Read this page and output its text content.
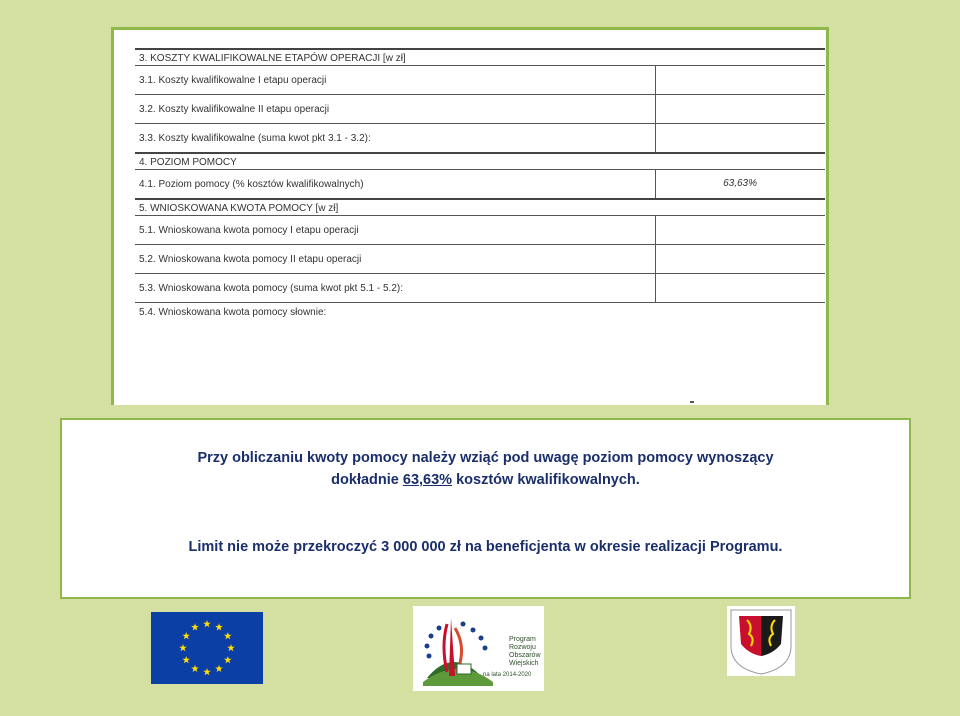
3. KOSZTY KWALIFIKOWALNE ETAPÓW OPERACJI [w zł]
3.1. Koszty kwalifikowalne I etapu operacji
3.2. Koszty kwalifikowalne II etapu operacji
3.3. Koszty kwalifikowalne (suma kwot pkt 3.1 - 3.2):
4. POZIOM POMOCY
4.1. Poziom pomocy (% kosztów kwalifikowalnych)	63,63%
5. WNIOSKOWANA KWOTA POMOCY [w zł]
5.1. Wnioskowana kwota pomocy I etapu operacji
5.2. Wnioskowana kwota pomocy II etapu operacji
5.3. Wnioskowana kwota pomocy (suma kwot pkt 5.1 - 5.2):
5.4. Wnioskowana kwota pomocy słownie:
Przy obliczaniu kwoty pomocy należy wziąć pod uwagę poziom pomocy wynoszący
dokładnie 63,63% kosztów kwalifikowalnych.
Limit nie może przekroczyć 3 000 000 zł na beneficjenta w okresie realizacji Programu.
Program
Rozwoju
Obszarów
Wiejskich
na lata 2014-2020
